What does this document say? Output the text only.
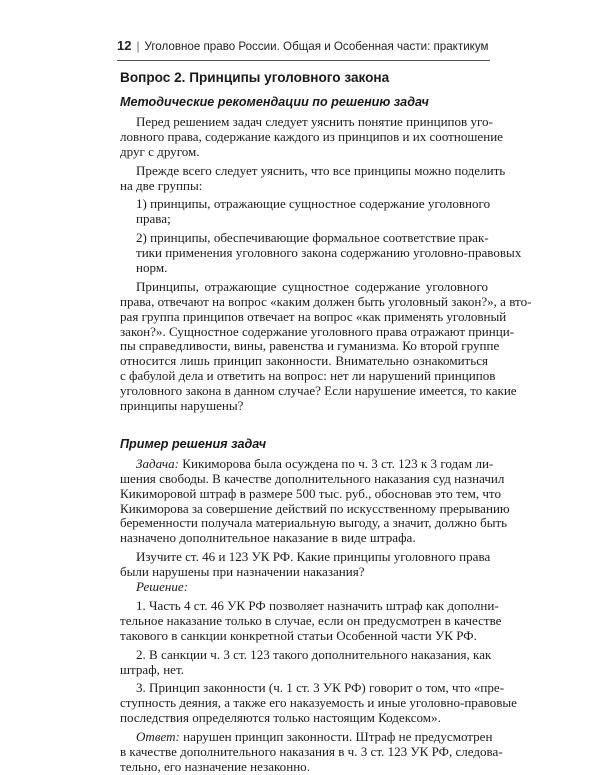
12 | Уголовное право России. Общая и Особенная части: практикум
Вопрос 2. Принципы уголовного закона
Методические рекомендации по решению задач
Перед решением задач следует уяснить понятие принципов уго-
ловного права, содержание каждого из принципов и их соотношение
друг с другом.
Прежде всего следует уяснить, что все принципы можно поделить
на две группы:
1) принципы, отражающие сущностное содержание уголовного
права;
2) принципы, обеспечивающие формальное соответствие прак-
тики применения уголовного закона содержанию уголовно-правовых
норм.
Принципы, отражающие сущностное содержание уголовного
права, отвечают на вопрос «каким должен быть уголовный закон?», а вто-
рая группа принципов отвечает на вопрос «как применять уголовный
закон?». Сущностное содержание уголовного права отражают принци-
пы справедливости, вины, равенства и гуманизма. Ко второй группе
относится лишь принцип законности. Внимательно ознакомиться
с фабулой дела и ответить на вопрос: нет ли нарушений принципов
уголовного закона в данном случае? Если нарушение имеется, то какие
принципы нарушены?
Пример решения задач
Задача: Кикиморова была осуждена по ч. 3 ст. 123 к 3 годам ли-
шения свободы. В качестве дополнительного наказания суд назначил
Кикиморовой штраф в размере 500 тыс. руб., обосновав это тем, что
Кикиморова за совершение действий по искусственному прерыванию
беременности получала материальную выгоду, а значит, должно быть
назначено дополнительное наказание в виде штрафа.
Изучите ст. 46 и 123 УК РФ. Какие принципы уголовного права
были нарушены при назначении наказания?
Решение:
1. Часть 4 ст. 46 УК РФ позволяет назначить штраф как дополни-
тельное наказание только в случае, если он предусмотрен в качестве
такового в санкции конкретной статьи Особенной части УК РФ.
2. В санкции ч. 3 ст. 123 такого дополнительного наказания, как
штраф, нет.
3. Принцип законности (ч. 1 ст. 3 УК РФ) говорит о том, что «пре-
ступность деяния, а также его наказуемость и иные уголовно-правовые
последствия определяются только настоящим Кодексом».
Ответ: нарушен принцип законности. Штраф не предусмотрен
в качестве дополнительного наказания в ч. 3 ст. 123 УК РФ, следова-
тельно, его назначение незаконно.
